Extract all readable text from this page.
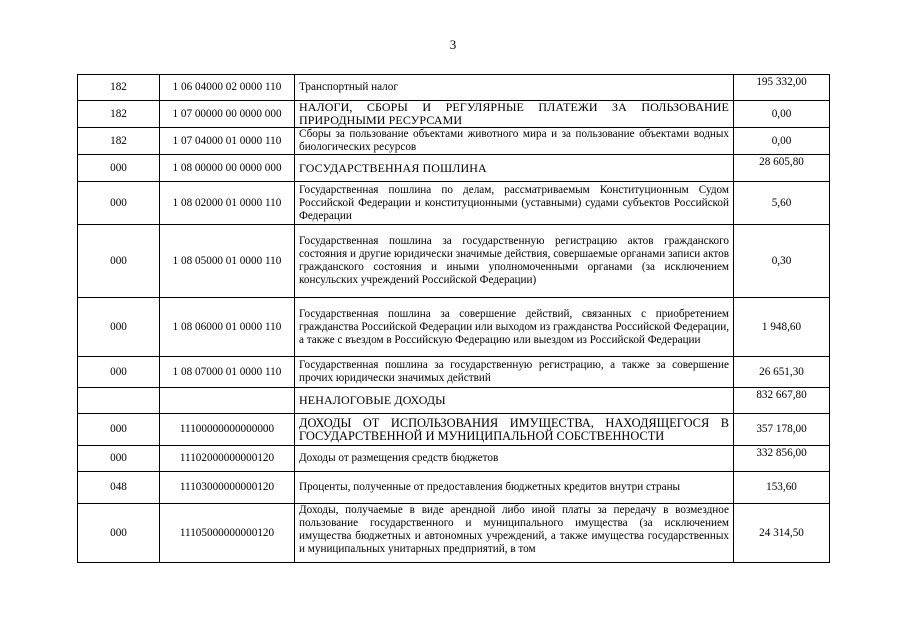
3
182	1 06 04000 02 0000 110	Транспортный налог	195 332,00
182	1 07 00000 00 0000 000	НАЛОГИ, СБОРЫ И РЕГУЛЯРНЫЕ ПЛАТЕЖИ ЗА ПОЛЬЗОВАНИЕ ПРИРОДНЫМИ РЕСУРСАМИ	0,00
182	1 07 04000 01 0000 110	Сборы за пользование объектами животного мира и за пользование объектами водных биологических ресурсов	0,00
000	1 08 00000 00 0000 000	ГОСУДАРСТВЕННАЯ ПОШЛИНА	28 605,80
000	1 08 02000 01 0000 110	Государственная пошлина по делам, рассматриваемым Конституционным Судом Российской Федерации и конституционными (уставными) судами субъектов Российской Федерации	5,60
000	1 08 05000 01 0000 110	Государственная пошлина за государственную регистрацию актов гражданского состояния и другие юридически значимые действия, совершаемые органами записи актов гражданского состояния и иными уполномоченными органами (за исключением консульских учреждений Российской Федерации)	0,30
000	1 08 06000 01 0000 110	Государственная пошлина за совершение действий, связанных с приобретением гражданства Российской Федерации или выходом из гражданства Российской Федерации, а также с въездом в Российскую Федерацию или выездом из Российской Федерации	1 948,60
000	1 08 07000 01 0000 110	Государственная пошлина за государственную регистрацию, а также за совершение прочих юридически значимых действий	26 651,30
		НЕНАЛОГОВЫЕ ДОХОДЫ	832 667,80
000	11100000000000000	ДОХОДЫ ОТ ИСПОЛЬЗОВАНИЯ ИМУЩЕСТВА, НАХОДЯЩЕГОСЯ В ГОСУДАРСТВЕННОЙ И МУНИЦИПАЛЬНОЙ СОБСТВЕННОСТИ	357 178,00
000	11102000000000120	Доходы от размещения средств бюджетов	332 856,00
048	11103000000000120	Проценты, полученные от предоставления бюджетных кредитов внутри страны	153,60
000	11105000000000120	Доходы, получаемые в виде арендной либо иной платы за передачу в возмездное пользование государственного и муниципального имущества (за исключением имущества бюджетных и автономных учреждений, а также имущества государственных и муниципальных унитарных предприятий, в том	24 314,50
